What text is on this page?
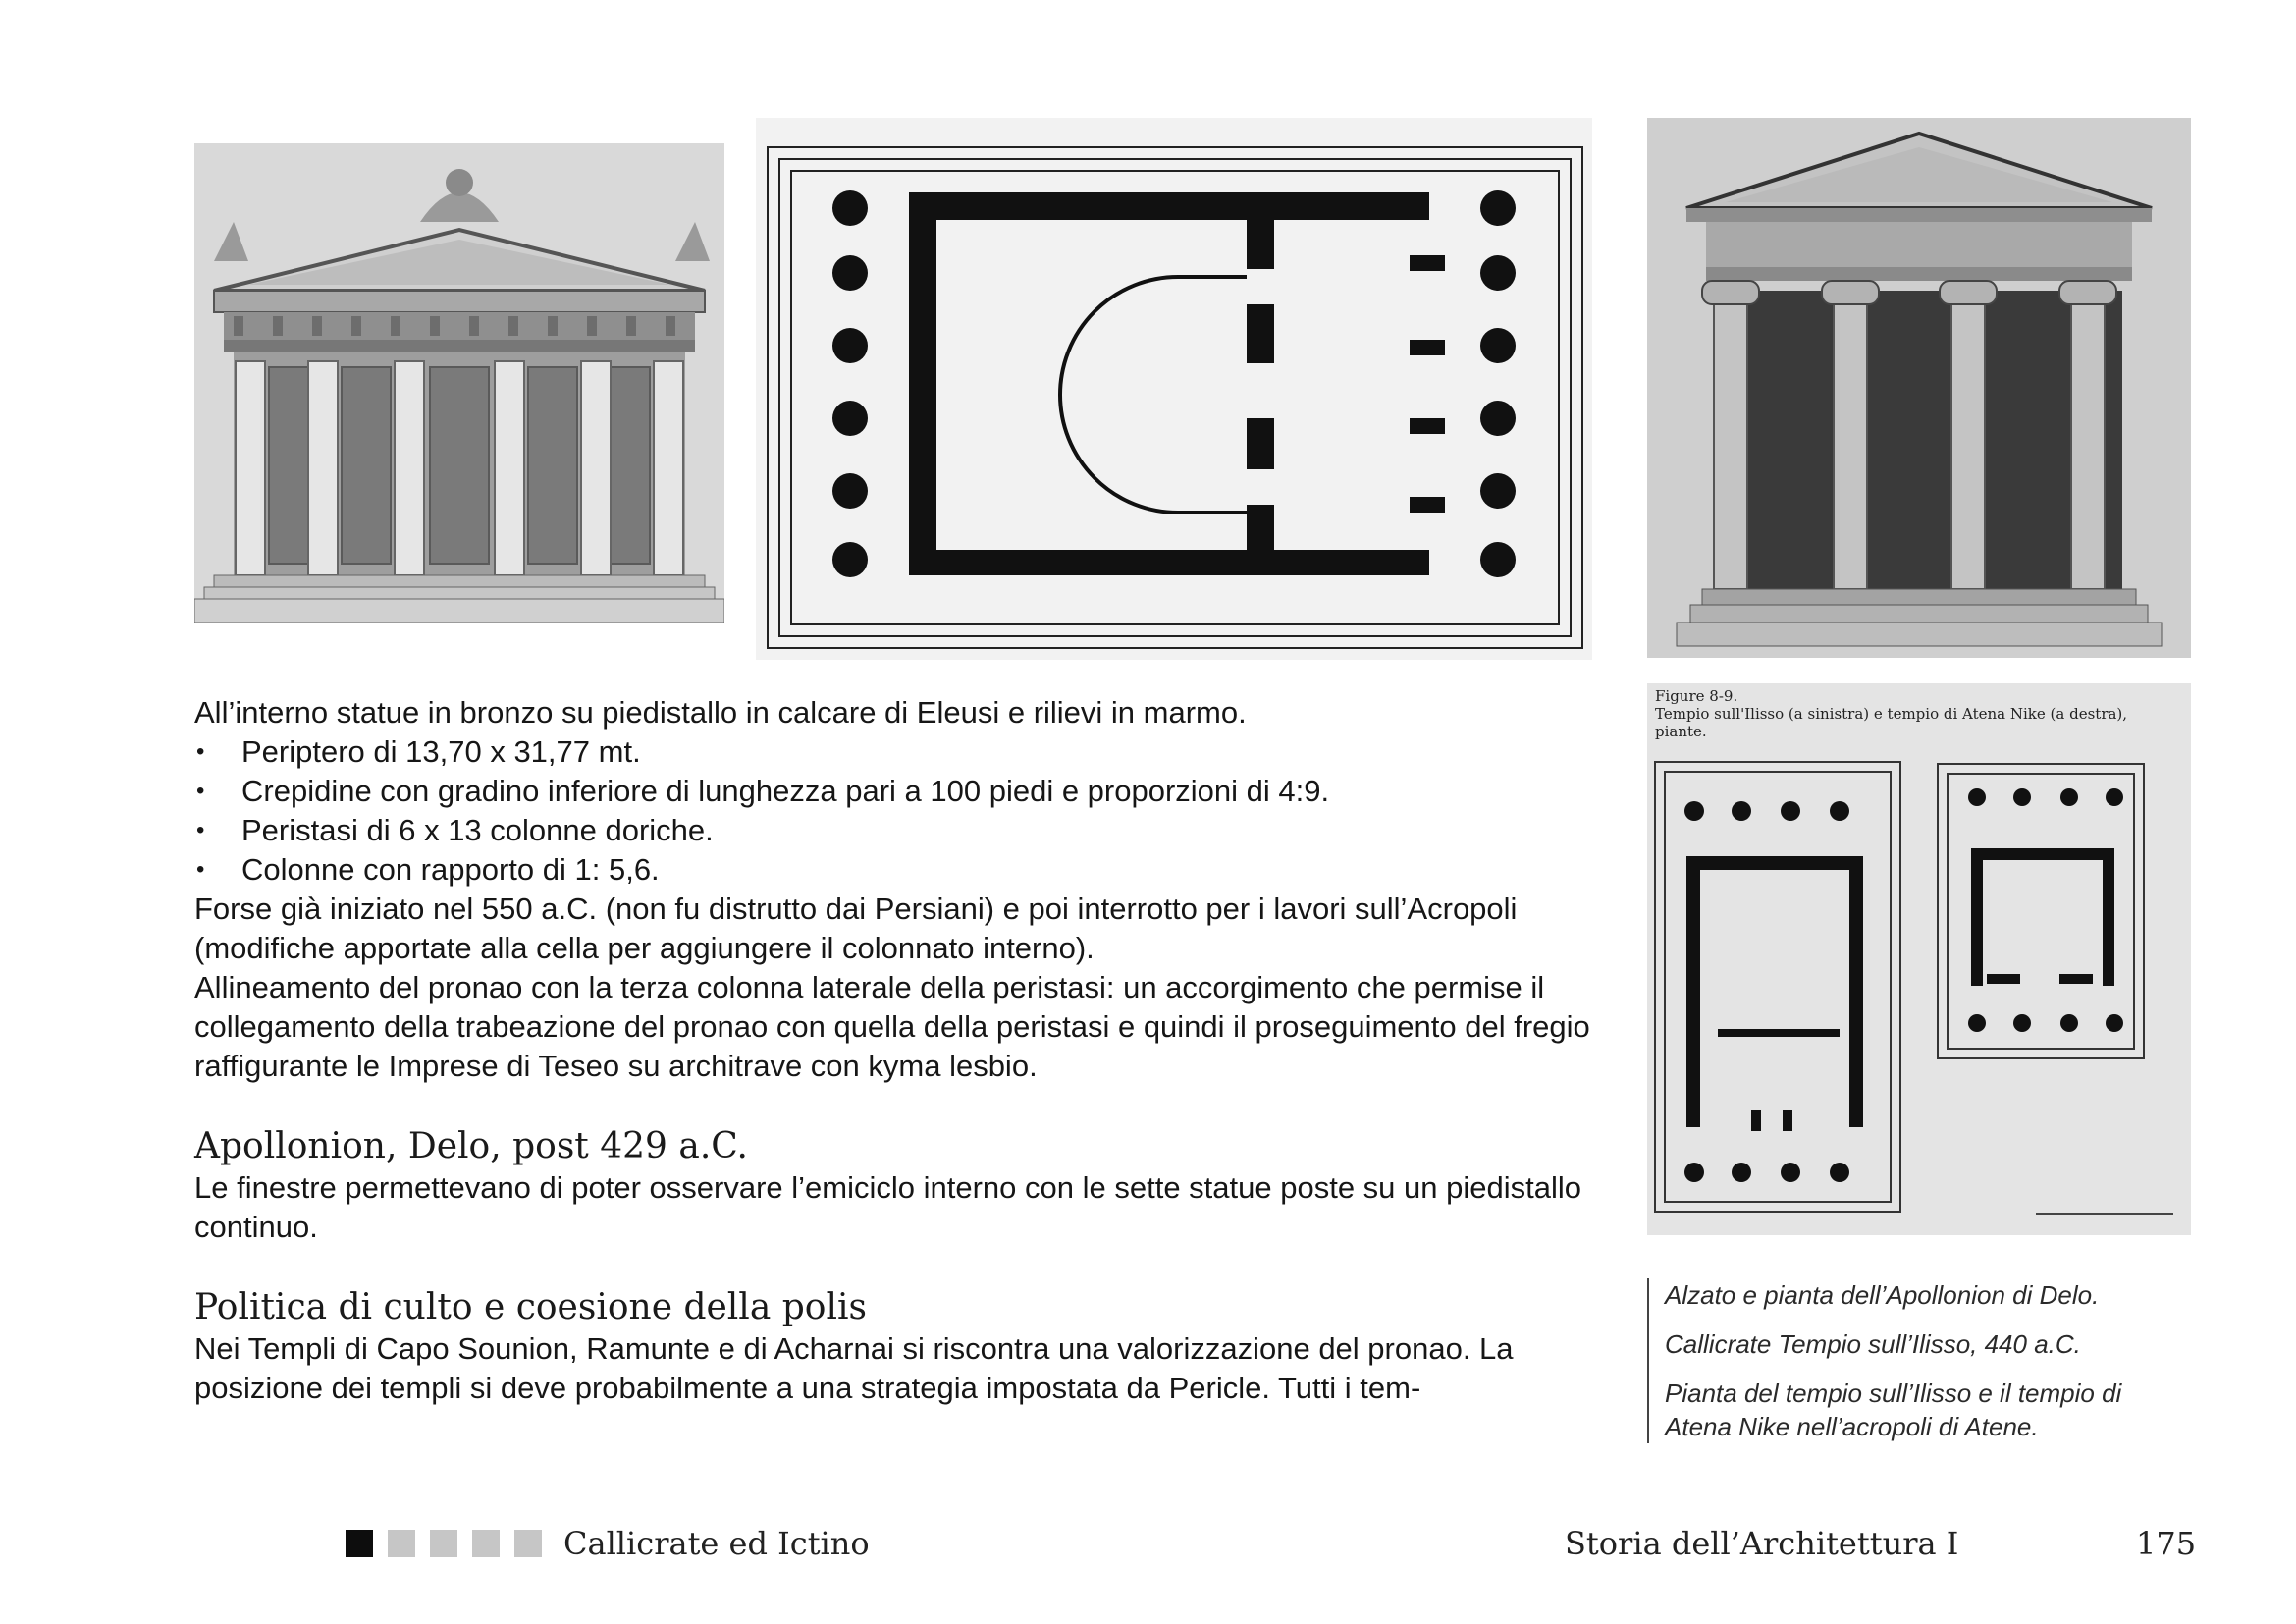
Figure 8-9.
Tempio sull'Ilisso (a sinistra) e tempio di Atena Nike (a destra),
piante.

All’interno statue in bronzo su piedistallo in calcare di Eleusi e rilievi in marmo.

• Periptero di 13,70 x 31,77 mt.
• Crepidine con gradino inferiore di lunghezza pari a 100 piedi e proporzioni di 4:9.
• Peristasi di 6 x 13 colonne doriche.
• Colonne con rapporto di 1: 5,6.

Forse già iniziato nel 550 a.C. (non fu distrutto dai Persiani) e poi interrotto per i lavori sull’Acropoli (modifiche apportate alla cella per aggiungere il colonnato interno).

Allineamento del pronao con la terza colonna laterale della peristasi: un accorgimento che permise il collegamento della trabeazione del pronao con quella della peristasi e quindi il proseguimento del fregio raffigurante le Imprese di Teseo su architrave con kyma lesbio.

Apollonion, Delo, post 429 a.C.

Le finestre permettevano di poter osservare l’emiciclo interno con le sette statue poste su un piedistallo continuo.

Politica di culto e coesione della polis

Nei Templi di Capo Sounion, Ramunte e di Acharnai si riscontra una valorizzazione del pronao. La posizione dei templi si deve probabilmente a una strategia impostata da Pericle. Tutti i tem-

Alzato e pianta dell’Apollonion di Delo.

Callicrate Tempio sull’Ilisso, 440 a.C.

Pianta del tempio sull’Ilisso e il tempio di Atena Nike nell’acropoli di Atene.

Callicrate ed Ictino	Storia dell’Architettura I	175
